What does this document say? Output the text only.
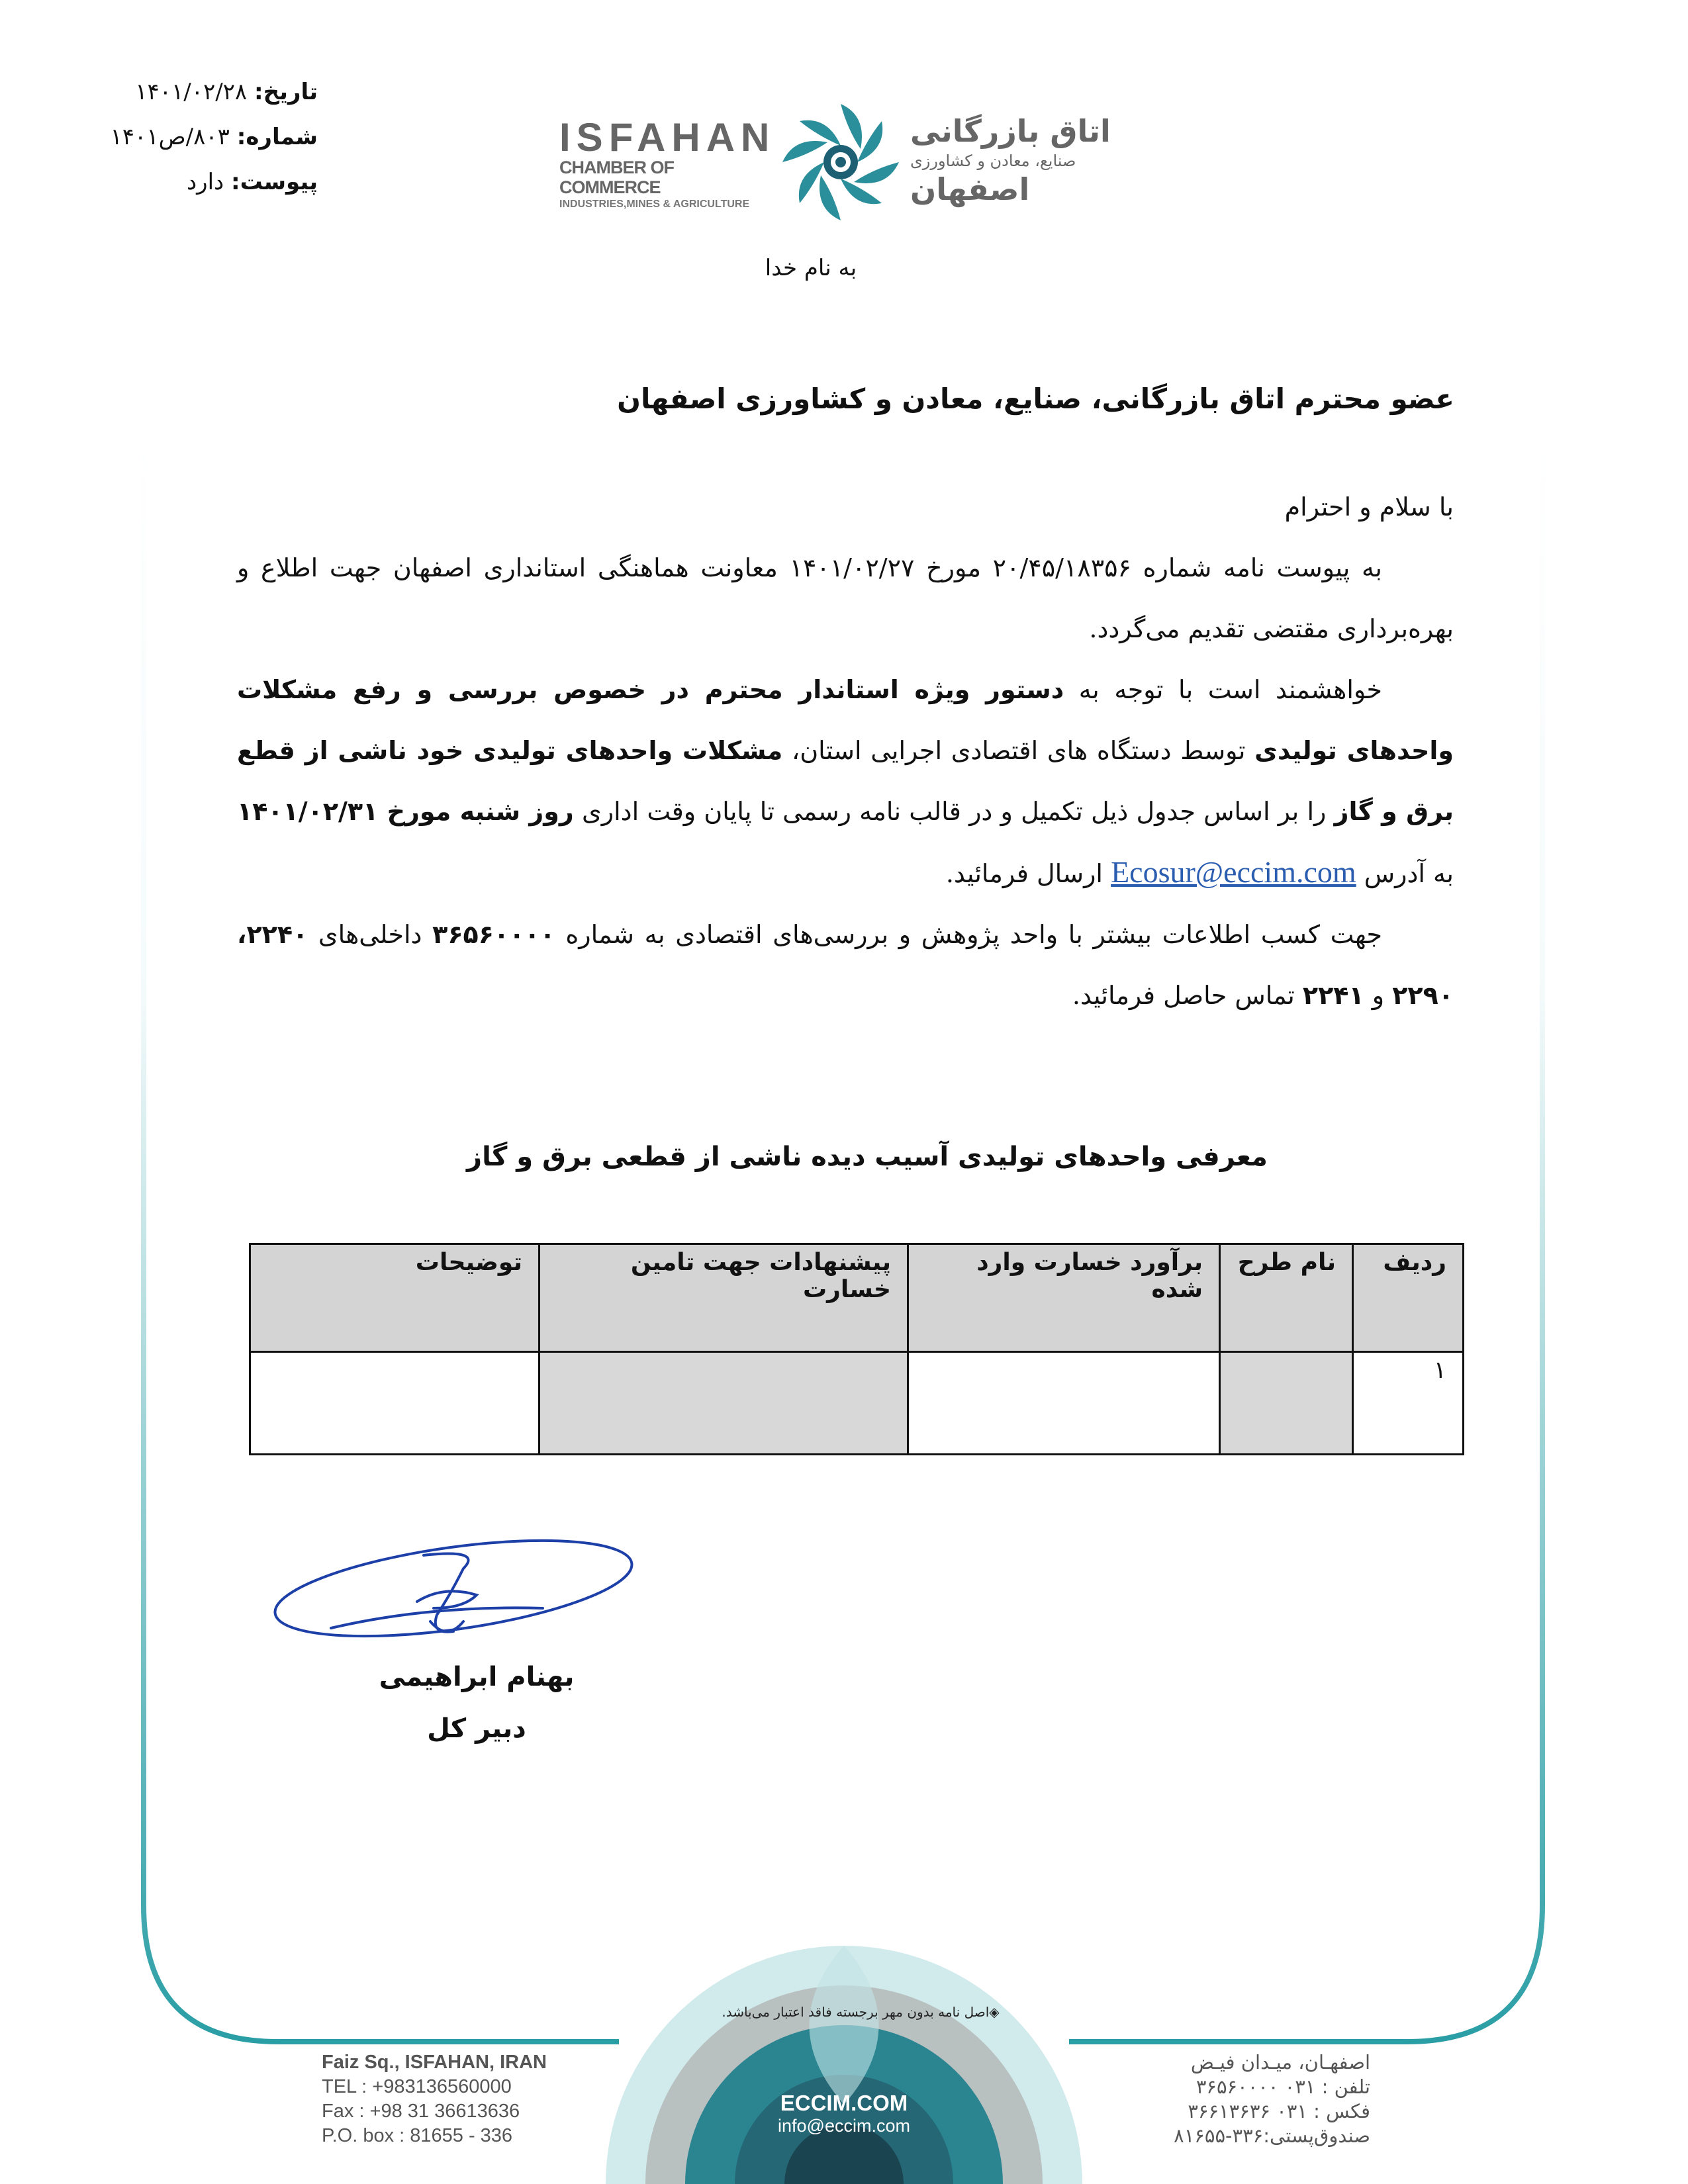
تاریخ: ۱۴۰۱/۰۲/۲۸
شماره: ۸۰۳/ص۱۴۰۱
پیوست: دارد
ISFAHAN
CHAMBER OF COMMERCE
INDUSTRIES,MINES & AGRICULTURE
اتاق بازرگانی
صنایع، معادن و کشاورزی
اصفهان
به نام خدا
عضو محترم اتاق بازرگانی، صنایع، معادن و کشاورزی اصفهان

با سلام و احترام

به پیوست نامه شماره ۲۰/۴۵/۱۸۳۵۶ مورخ ۱۴۰۱/۰۲/۲۷ معاونت هماهنگی استانداری اصفهان جهت اطلاع و بهره‌برداری مقتضی تقدیم می‌گردد.

خواهشمند است با توجه به دستور ویژه استاندار محترم در خصوص بررسی و رفع مشکلات واحدهای تولیدی توسط دستگاه های اقتصادی اجرایی استان، مشکلات واحدهای تولیدی خود ناشی از قطع برق و گاز را بر اساس جدول ذیل تکمیل و در قالب نامه رسمی تا پایان وقت اداری روز شنبه مورخ ۱۴۰۱/۰۲/۳۱ به آدرس Ecosur@eccim.com ارسال فرمائید.

جهت کسب اطلاعات بیشتر با واحد پژوهش و بررسی‌های اقتصادی به شماره ۳۶۵۶۰۰۰۰ داخلی‌های ۲۲۴۰، ۲۲۹۰ و ۲۲۴۱ تماس حاصل فرمائید.

معرفی واحدهای تولیدی آسیب دیده ناشی از قطعی برق و گاز
ردیف	نام طرح	برآورد خسارت وارد شده	پیشنهادات جهت تامین خسارت	توضیحات
۱				
بهنام ابراهیمی
دبیر کل
◈اصل نامه بدون مهر برجسته فاقد اعتبار می‌باشد.
Faiz Sq., ISFAHAN, IRAN
TEL : +983136560000
Fax : +98 31 36613636
P.O. box : 81655 - 336
ECCIM.COM
info@eccim.com
اصفهـان، میـدان فیـض
تلفن : ۰۳۱ ۳۶۵۶۰۰۰۰
فکس : ۰۳۱ ۳۶۶۱۳۶۳۶
صندوق‌پستی:۳۳۶-۸۱۶۵۵
